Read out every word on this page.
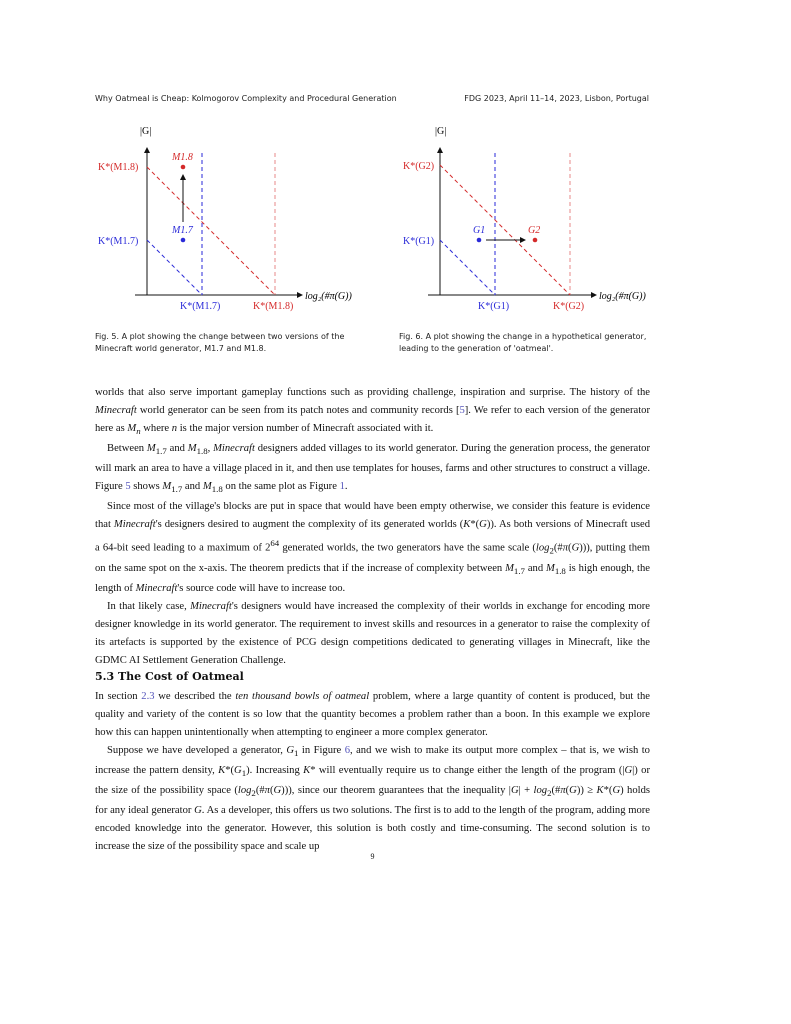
Why Oatmeal is Cheap: Kolmogorov Complexity and Procedural Generation	FDG 2023, April 11–14, 2023, Lisbon, Portugal
|G|
log₂(#π(G))
M1.8
M1.7
K*(M1.8)
K*(M1.7)
K*(M1.7)	K*(M1.8)
|G|
log₂(#π(G))
G1	G2
K*(G2)
K*(G1)
K*(G1)	K*(G2)
Fig. 5. A plot showing the change between two versions of the Minecraft world generator, M1.7 and M1.8.
Fig. 6. A plot showing the change in a hypothetical generator, leading to the generation of 'oatmeal'.

worlds that also serve important gameplay functions such as providing challenge, inspiration and surprise. The history of the Minecraft world generator can be seen from its patch notes and community records [5]. We refer to each version of the generator here as $M_n$ where n is the major version number of Minecraft associated with it.

Between $M_{1.7}$ and $M_{1.8}$, Minecraft designers added villages to its world generator. During the generation process, the generator will mark an area to have a village placed in it, and then use templates for houses, farms and other structures to construct a village. Figure 5 shows $M_{1.7}$ and $M_{1.8}$ on the same plot as Figure 1.

Since most of the village's blocks are put in space that would have been empty otherwise, we consider this feature is evidence that Minecraft's designers desired to augment the complexity of its generated worlds (K*(G)). As both versions of Minecraft used a 64-bit seed leading to a maximum of $2^{64}$ generated worlds, the two generators have the same scale $(\log_2(\#\pi(G)))$, putting them on the same spot on the x-axis. The theorem predicts that if the increase of complexity between $M_{1.7}$ and $M_{1.8}$ is high enough, the length of Minecraft's source code will have to increase too.

In that likely case, Minecraft's designers would have increased the complexity of their worlds in exchange for encoding more designer knowledge in its world generator. The requirement to invest skills and resources in a generator to raise the complexity of its artefacts is supported by the existence of PCG design competitions dedicated to generating villages in Minecraft, like the GDMC AI Settlement Generation Challenge.

5.3 The Cost of Oatmeal

In section 2.3 we described the ten thousand bowls of oatmeal problem, where a large quantity of content is produced, but the quality and variety of the content is so low that the quantity becomes a problem rather than a boon. In this example we explore how this can happen unintentionally when attempting to engineer a more complex generator.

Suppose we have developed a generator, $G_1$ in Figure 6, and we wish to make its output more complex – that is, we wish to increase the pattern density, $K*(G_1)$. Increasing K* will eventually require us to change either the length of the program (|G|) or the size of the possibility space $(\log_2(\#\pi(G)))$, since our theorem guarantees that the inequality $|G| + \log_2(\#\pi(G)) \ge K*(G)$ holds for any ideal generator G. As a developer, this offers us two solutions. The first is to add to the length of the program, adding more encoded knowledge into the generator. However, this solution is both costly and time-consuming. The second solution is to increase the size of the possibility space and scale up

9
